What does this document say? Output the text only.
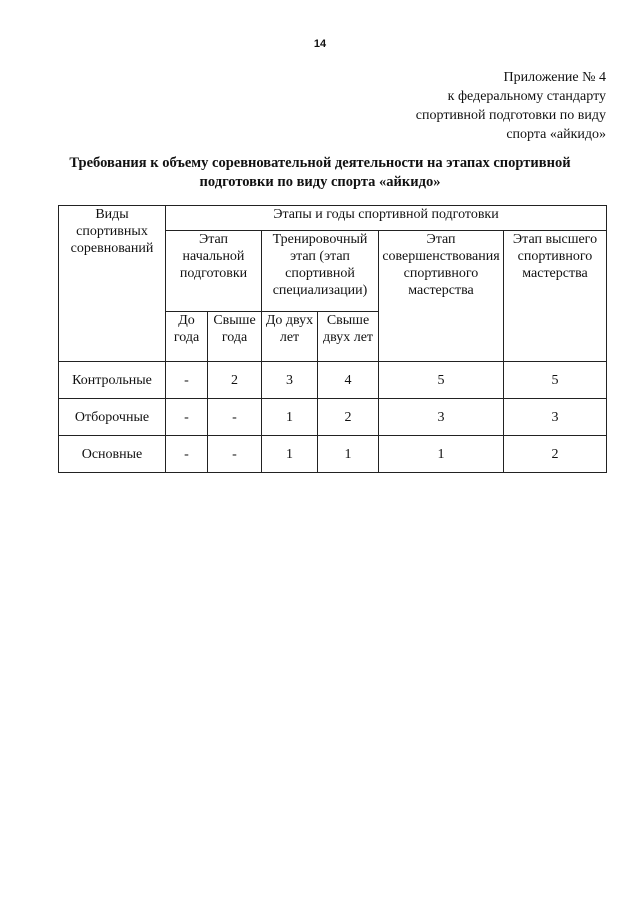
14
Приложение № 4
к федеральному стандарту
спортивной подготовки по виду
спорта «айкидо»
Требования к объему соревновательной деятельности на этапах спортивной
подготовки по виду спорта «айкидо»
Виды спортивных соревнований	Этапы и годы спортивной подготовки					
	Этап начальной подготовки		Тренировочный этап (этап спортивной специализации)		Этап совершенствования спортивного мастерства	Этап высшего спортивного мастерства
	До года	Свыше года	До двух лет	Свыше двух лет		
Контрольные	-	2	3	4	5	5
Отборочные	-	-	1	2	3	3
Основные	-	-	1	1	1	2
